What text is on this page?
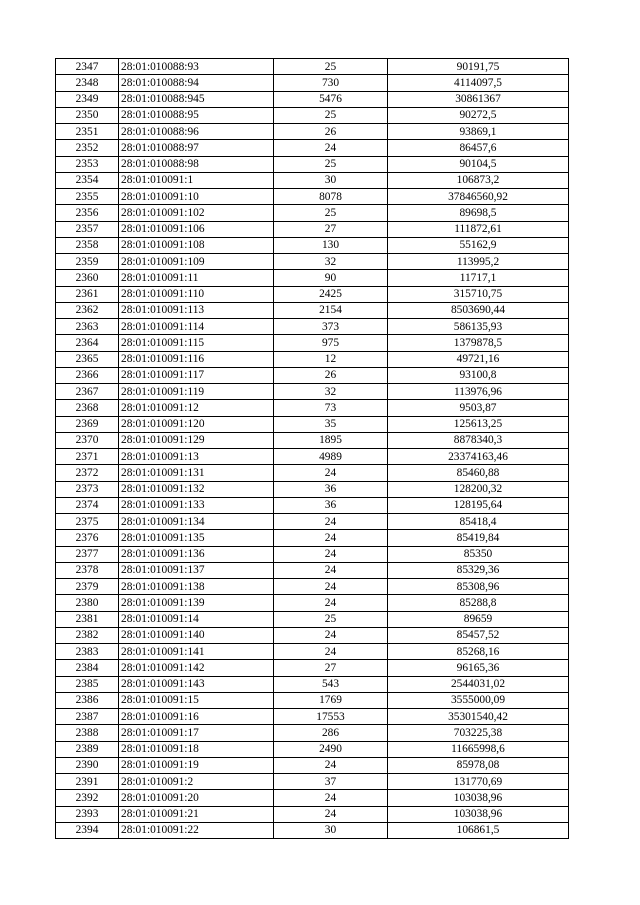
2347	28:01:010088:93	25	90191,75
2348	28:01:010088:94	730	4114097,5
2349	28:01:010088:945	5476	30861367
2350	28:01:010088:95	25	90272,5
2351	28:01:010088:96	26	93869,1
2352	28:01:010088:97	24	86457,6
2353	28:01:010088:98	25	90104,5
2354	28:01:010091:1	30	106873,2
2355	28:01:010091:10	8078	37846560,92
2356	28:01:010091:102	25	89698,5
2357	28:01:010091:106	27	111872,61
2358	28:01:010091:108	130	55162,9
2359	28:01:010091:109	32	113995,2
2360	28:01:010091:11	90	11717,1
2361	28:01:010091:110	2425	315710,75
2362	28:01:010091:113	2154	8503690,44
2363	28:01:010091:114	373	586135,93
2364	28:01:010091:115	975	1379878,5
2365	28:01:010091:116	12	49721,16
2366	28:01:010091:117	26	93100,8
2367	28:01:010091:119	32	113976,96
2368	28:01:010091:12	73	9503,87
2369	28:01:010091:120	35	125613,25
2370	28:01:010091:129	1895	8878340,3
2371	28:01:010091:13	4989	23374163,46
2372	28:01:010091:131	24	85460,88
2373	28:01:010091:132	36	128200,32
2374	28:01:010091:133	36	128195,64
2375	28:01:010091:134	24	85418,4
2376	28:01:010091:135	24	85419,84
2377	28:01:010091:136	24	85350
2378	28:01:010091:137	24	85329,36
2379	28:01:010091:138	24	85308,96
2380	28:01:010091:139	24	85288,8
2381	28:01:010091:14	25	89659
2382	28:01:010091:140	24	85457,52
2383	28:01:010091:141	24	85268,16
2384	28:01:010091:142	27	96165,36
2385	28:01:010091:143	543	2544031,02
2386	28:01:010091:15	1769	3555000,09
2387	28:01:010091:16	17553	35301540,42
2388	28:01:010091:17	286	703225,38
2389	28:01:010091:18	2490	11665998,6
2390	28:01:010091:19	24	85978,08
2391	28:01:010091:2	37	131770,69
2392	28:01:010091:20	24	103038,96
2393	28:01:010091:21	24	103038,96
2394	28:01:010091:22	30	106861,5
